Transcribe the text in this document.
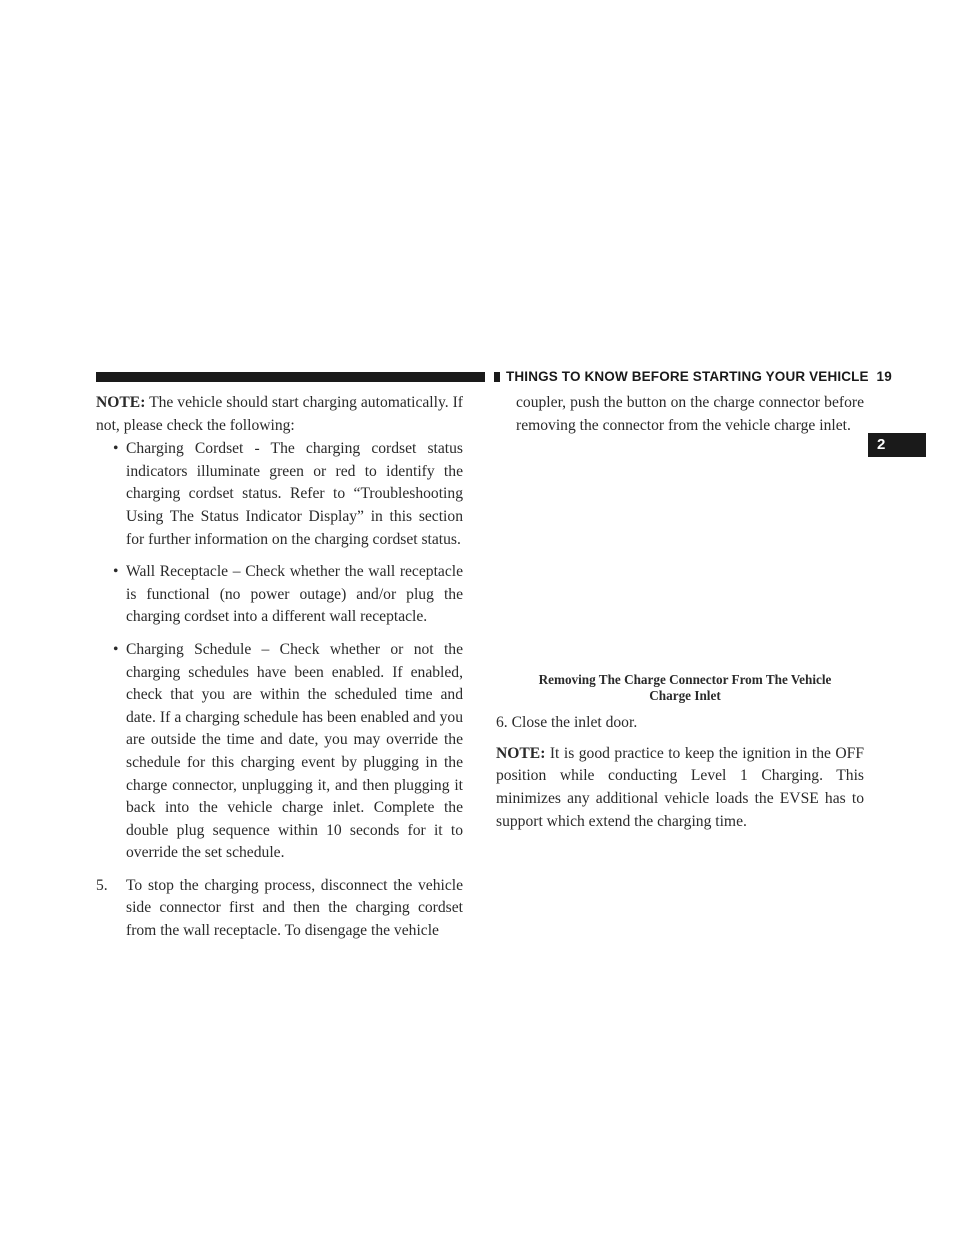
THINGS TO KNOW BEFORE STARTING YOUR VEHICLE 19
2

NOTE: The vehicle should start charging automatically. If not, please check the following:

• Charging Cordset - The charging cordset status indicators illuminate green or red to identify the charging cordset status. Refer to “Troubleshooting Using The Status Indicator Display” in this section for further information on the charging cordset status.
• Wall Receptacle – Check whether the wall receptacle is functional (no power outage) and/or plug the charging cordset into a different wall receptacle.
• Charging Schedule – Check whether or not the charging schedules have been enabled. If enabled, check that you are within the scheduled time and date. If a charging schedule has been enabled and you are outside the time and date, you may override the schedule for this charging event by plugging in the charge connector, unplugging it, and then plugging it back into the vehicle charge inlet. Complete the double plug sequence within 10 seconds for it to override the set schedule.
5. To stop the charging process, disconnect the vehicle side connector first and then the charging cordset from the wall receptacle. To disengage the vehicle

coupler, push the button on the charge connector before removing the connector from the vehicle charge inlet.

Removing The Charge Connector From The Vehicle
Charge Inlet

6. Close the inlet door.

NOTE: It is good practice to keep the ignition in the OFF position while conducting Level 1 Charging. This minimizes any additional vehicle loads the EVSE has to support which extend the charging time.
